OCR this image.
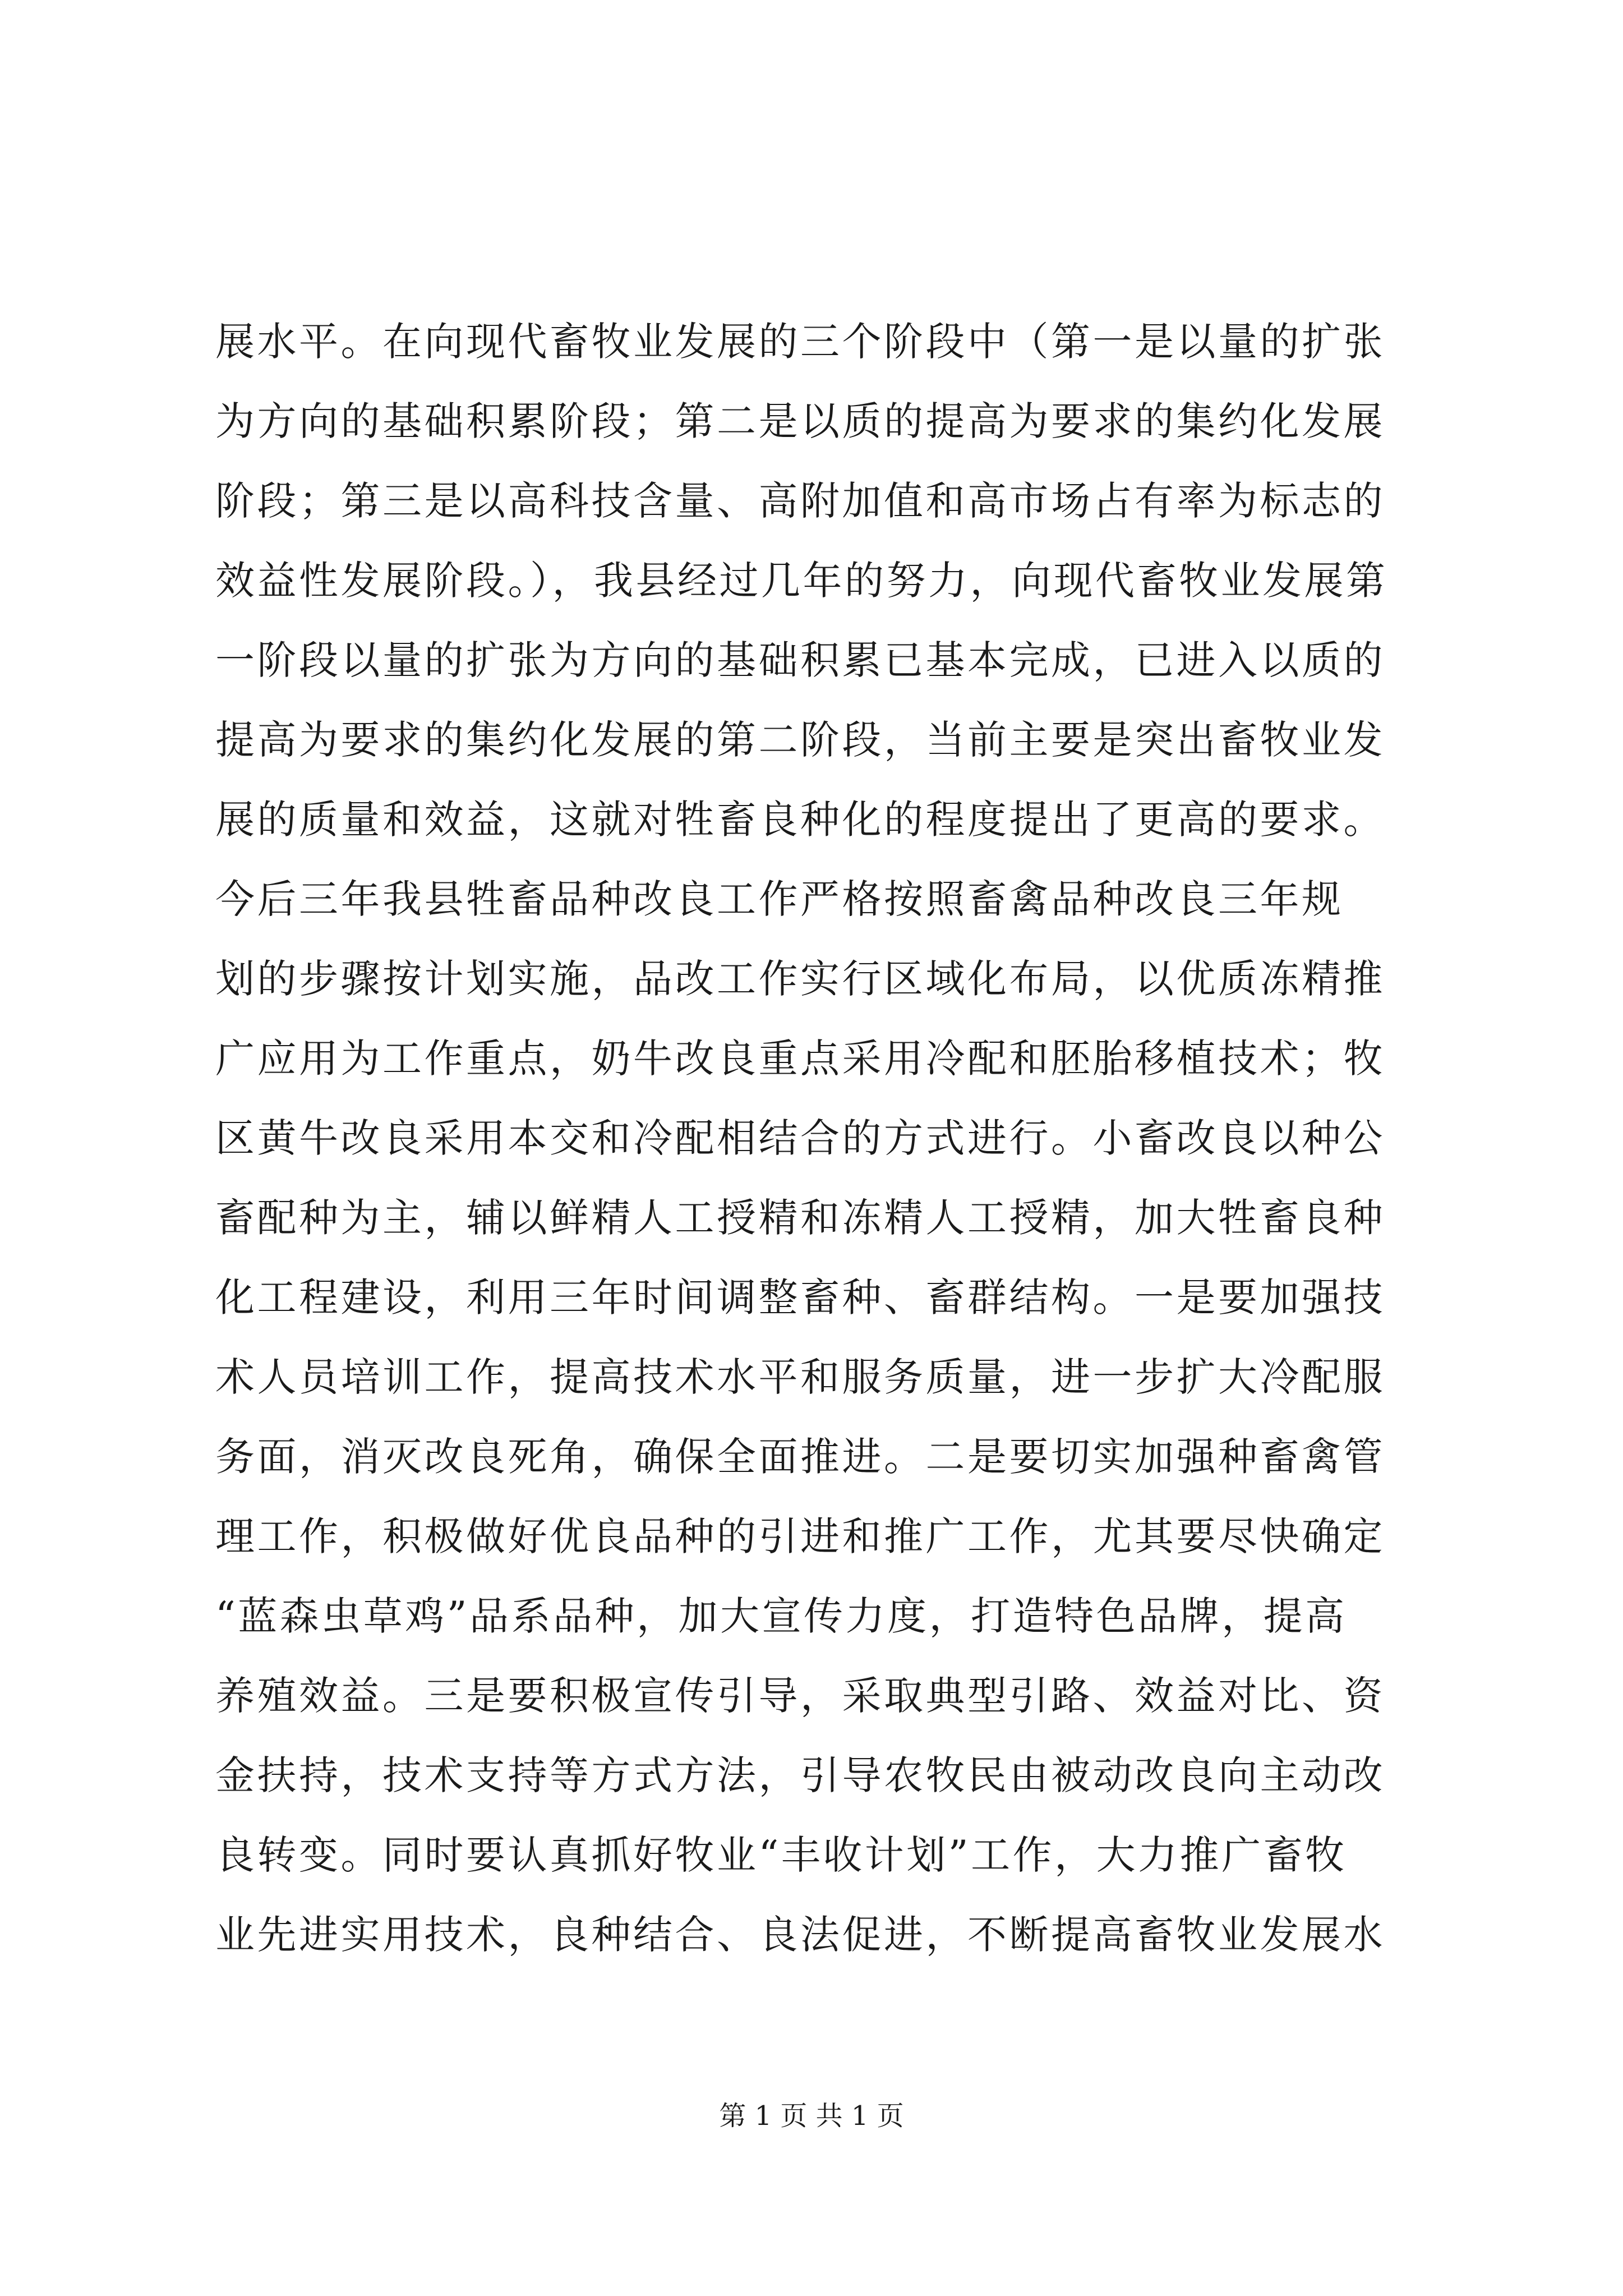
展水平。在向现代畜牧业发展的三个阶段中（第一是以量的扩张
为方向的基础积累阶段；第二是以质的提高为要求的集约化发展
阶段；第三是以高科技含量、高附加值和高市场占有率为标志的
效益性发展阶段。），我县经过几年的努力，向现代畜牧业发展第
一阶段以量的扩张为方向的基础积累已基本完成，已进入以质的
提高为要求的集约化发展的第二阶段，当前主要是突出畜牧业发
展的质量和效益，这就对牲畜良种化的程度提出了更高的要求。
今后三年我县牲畜品种改良工作严格按照畜禽品种改良三年规
划的步骤按计划实施，品改工作实行区域化布局，以优质冻精推
广应用为工作重点，奶牛改良重点采用冷配和胚胎移植技术；牧
区黄牛改良采用本交和冷配相结合的方式进行。小畜改良以种公
畜配种为主，辅以鲜精人工授精和冻精人工授精，加大牲畜良种
化工程建设，利用三年时间调整畜种、畜群结构。一是要加强技
术人员培训工作，提高技术水平和服务质量，进一步扩大冷配服
务面，消灭改良死角，确保全面推进。二是要切实加强种畜禽管
理工作，积极做好优良品种的引进和推广工作，尤其要尽快确定
“蓝森虫草鸡”品系品种，加大宣传力度，打造特色品牌，提高
养殖效益。三是要积极宣传引导，采取典型引路、效益对比、资
金扶持，技术支持等方式方法，引导农牧民由被动改良向主动改
良转变。同时要认真抓好牧业“丰收计划”工作，大力推广畜牧
业先进实用技术，良种结合、良法促进，不断提高畜牧业发展水
第 1 页 共 1 页
